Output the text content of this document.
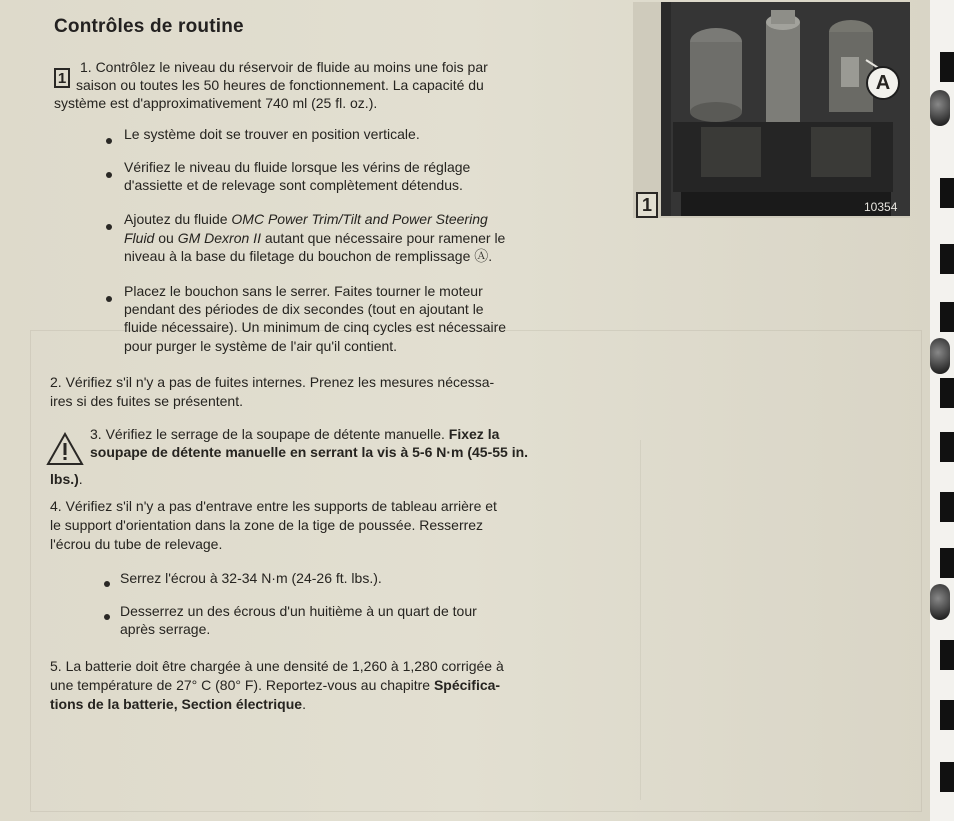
Contrôles de routine
1

1. Contrôlez le niveau du réservoir de fluide au moins une fois par

saison ou toutes les 50 heures de fonctionnement. La capacité du

système est d'approximativement 740 ml (25 fl. oz.).

Le système doit se trouver en position verticale.

Vérifiez le niveau du fluide lorsque les vérins de réglage

d'assiette et de relevage sont complètement détendus.

Ajoutez du fluide OMC Power Trim/Tilt and Power Steering

Fluid ou GM Dexron II autant que nécessaire pour ramener le

niveau à la base du filetage du bouchon de remplissage Ⓐ.

Placez le bouchon sans le serrer. Faites tourner le moteur

pendant des périodes de dix secondes (tout en ajoutant le

fluide nécessaire). Un minimum de cinq cycles est nécessaire

pour purger le système de l'air qu'il contient.

2. Vérifiez s'il n'y a pas de fuites internes. Prenez les mesures nécessa-

ires si des fuites se présentent.

3. Vérifiez le serrage de la soupape de détente manuelle. Fixez la

soupape de détente manuelle en serrant la vis à 5-6 N·m (45-55 in.

lbs.).

4. Vérifiez s'il n'y a pas d'entrave entre les supports de tableau arrière et

le support d'orientation dans la zone de la tige de poussée. Resserrez

l'écrou du tube de relevage.

Serrez l'écrou à 32-34 N·m (24-26 ft. lbs.).

Desserrez un des écrous d'un huitième à un quart de tour

après serrage.

5. La batterie doit être chargée à une densité de 1,260 à 1,280 corrigée à

une température de 27° C (80° F). Reportez-vous au chapitre Spécifica-

tions de la batterie, Section électrique.

A
1	10354
